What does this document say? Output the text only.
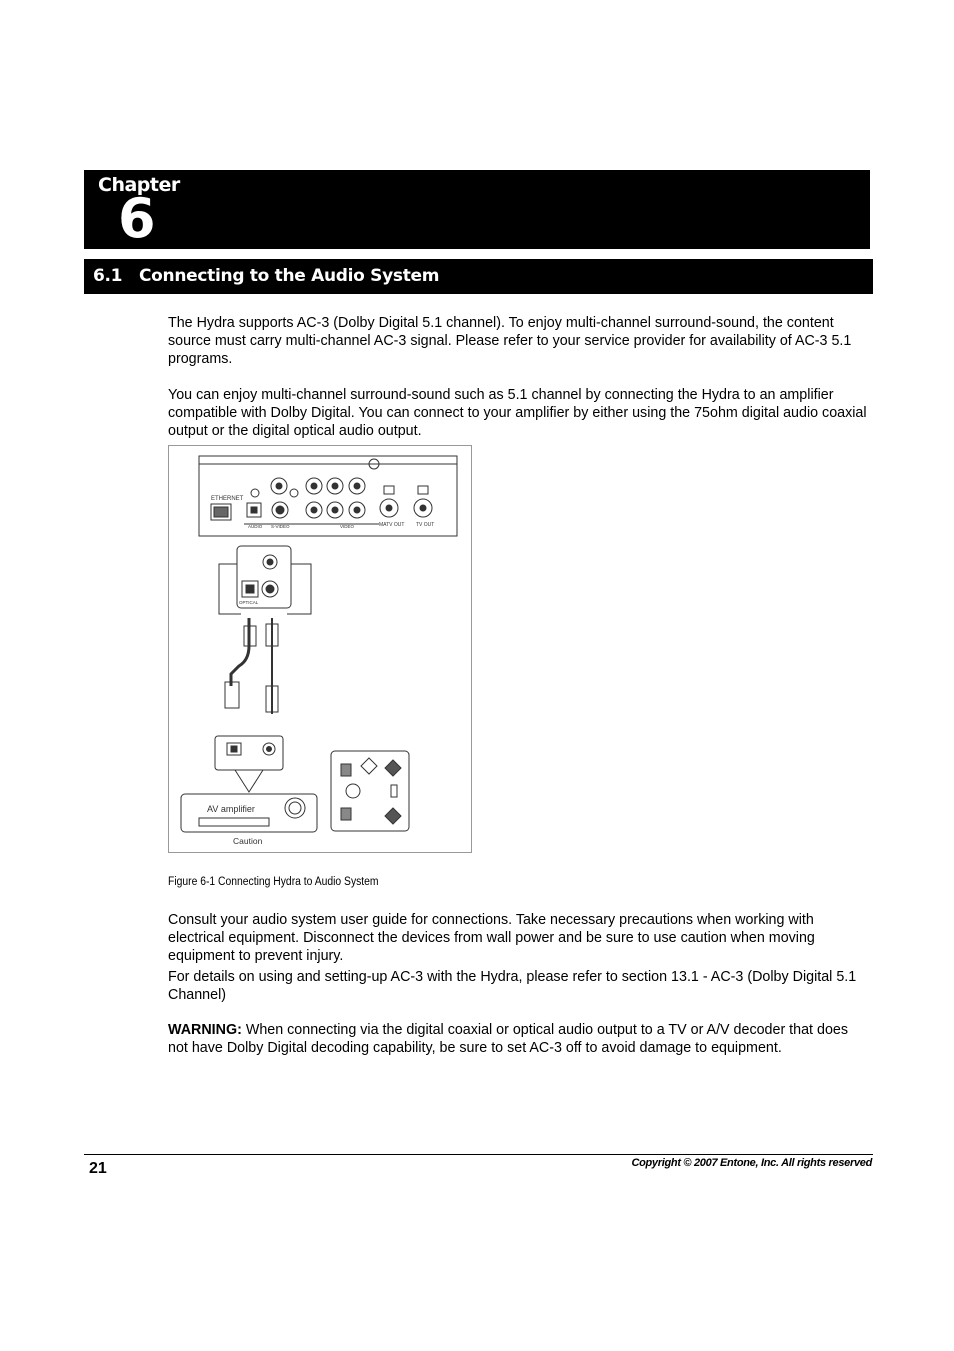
Chapter
6
6.1 Connecting to the Audio System

The Hydra supports AC-3 (Dolby Digital 5.1 channel). To enjoy multi-channel surround-sound, the content source must carry multi-channel AC-3 signal. Please refer to your service provider for availability of AC-3 5.1 programs.

You can enjoy multi-channel surround-sound such as 5.1 channel by connecting the Hydra to an amplifier compatible with Dolby Digital. You can connect to your amplifier by either using the 75ohm digital audio coaxial output or the digital optical audio output.

ETHERNET
AUDIO S-VIDEO	VIDEO	MATV OUT TV OUT
OPTICAL
AV amplifier
Caution
Figure 6-1 Connecting Hydra to Audio System

Consult your audio system user guide for connections. Take necessary precautions when working with electrical equipment. Disconnect the devices from wall power and be sure to use caution when moving equipment to prevent injury.

For details on using and setting-up AC-3 with the Hydra, please refer to section 13.1 - AC-3 (Dolby Digital 5.1 Channel)

WARNING: When connecting via the digital coaxial or optical audio output to a TV or A/V decoder that does not have Dolby Digital decoding capability, be sure to set AC-3 off to avoid damage to equipment.

21	Copyright © 2007 Entone, Inc. All rights reserved
